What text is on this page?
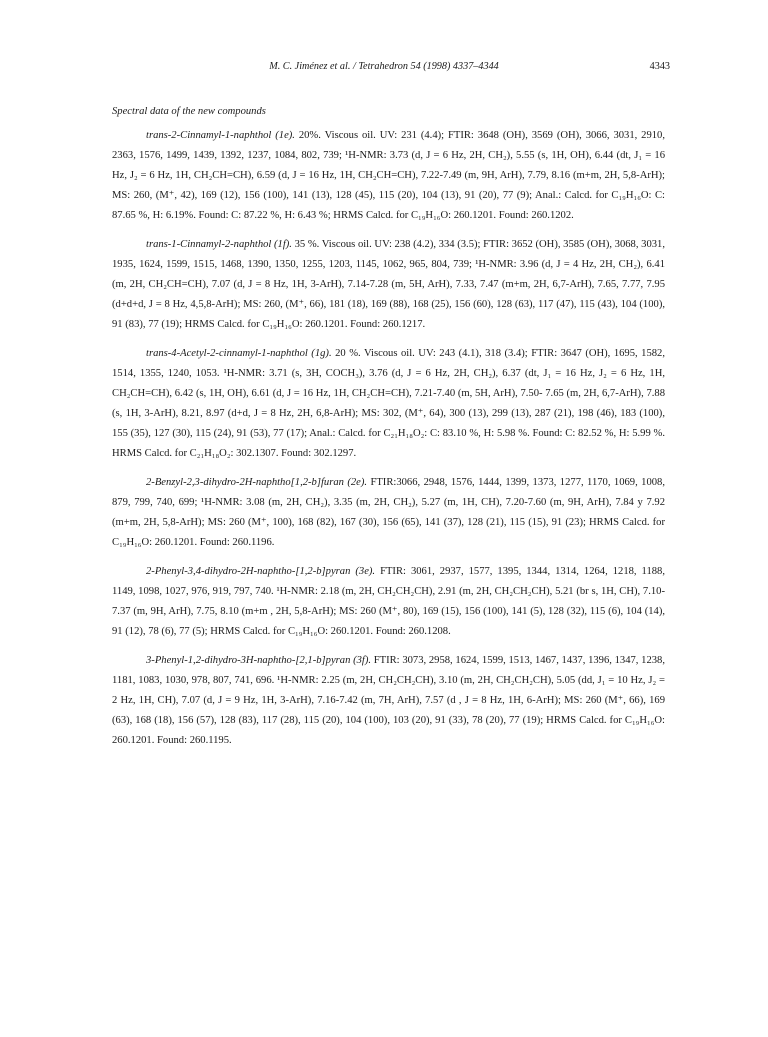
M. C. Jiménez et al. / Tetrahedron 54 (1998) 4337–4344	4343

Spectral data of the new compounds

trans-2-Cinnamyl-1-naphthol (1e). 20%. Viscous oil. UV: 231 (4.4); FTIR: 3648 (OH), 3569 (OH), 3066, 3031, 2910, 2363, 1576, 1499, 1439, 1392, 1237, 1084, 802, 739; ¹H-NMR: 3.73 (d, J = 6 Hz, 2H, CH₂), 5.55 (s, 1H, OH), 6.44 (dt, J₁ = 16 Hz, J₂ = 6 Hz, 1H, CH₂CH=CH), 6.59 (d, J = 16 Hz, 1H, CH₂CH=CH), 7.22-7.49 (m, 9H, ArH), 7.79, 8.16 (m+m, 2H, 5,8-ArH); MS: 260, (M⁺, 42), 169 (12), 156 (100), 141 (13), 128 (45), 115 (20), 104 (13), 91 (20), 77 (9); Anal.: Calcd. for C₁₉H₁₆O: C: 87.65 %, H: 6.19%. Found: C: 87.22 %, H: 6.43 %; HRMS Calcd. for C₁₉H₁₆O: 260.1201. Found: 260.1202.

trans-1-Cinnamyl-2-naphthol (1f). 35 %. Viscous oil. UV: 238 (4.2), 334 (3.5); FTIR: 3652 (OH), 3585 (OH), 3068, 3031, 1935, 1624, 1599, 1515, 1468, 1390, 1350, 1255, 1203, 1145, 1062, 965, 804, 739; ¹H-NMR: 3.96 (d, J = 4 Hz, 2H, CH₂), 6.41 (m, 2H, CH₂CH=CH), 7.07 (d, J = 8 Hz, 1H, 3-ArH), 7.14-7.28 (m, 5H, ArH), 7.33, 7.47 (m+m, 2H, 6,7-ArH), 7.65, 7.77, 7.95 (d+d+d, J = 8 Hz, 4,5,8-ArH); MS: 260, (M⁺, 66), 181 (18), 169 (88), 168 (25), 156 (60), 128 (63), 117 (47), 115 (43), 104 (100), 91 (83), 77 (19); HRMS Calcd. for C₁₉H₁₆O: 260.1201. Found: 260.1217.

trans-4-Acetyl-2-cinnamyl-1-naphthol (1g). 20 %. Viscous oil. UV: 243 (4.1), 318 (3.4); FTIR: 3647 (OH), 1695, 1582, 1514, 1355, 1240, 1053. ¹H-NMR: 3.71 (s, 3H, COCH₃), 3.76 (d, J = 6 Hz, 2H, CH₂), 6.37 (dt, J₁ = 16 Hz, J₂ = 6 Hz, 1H, CH₂CH=CH), 6.42 (s, 1H, OH), 6.61 (d, J = 16 Hz, 1H, CH₂CH=CH), 7.21-7.40 (m, 5H, ArH), 7.50- 7.65 (m, 2H, 6,7-ArH), 7.88 (s, 1H, 3-ArH), 8.21, 8.97 (d+d, J = 8 Hz, 2H, 6,8-ArH); MS: 302, (M⁺, 64), 300 (13), 299 (13), 287 (21), 198 (46), 183 (100), 155 (35), 127 (30), 115 (24), 91 (53), 77 (17); Anal.: Calcd. for C₂₁H₁₈O₂: C: 83.10 %, H: 5.98 %. Found: C: 82.52 %, H: 5.99 %. HRMS Calcd. for C₂₁H₁₈O₂: 302.1307. Found: 302.1297.

2-Benzyl-2,3-dihydro-2H-naphtho[1,2-b]furan (2e). FTIR:3066, 2948, 1576, 1444, 1399, 1373, 1277, 1170, 1069, 1008, 879, 799, 740, 699; ¹H-NMR: 3.08 (m, 2H, CH₂), 3.35 (m, 2H, CH₂), 5.27 (m, 1H, CH), 7.20-7.60 (m, 9H, ArH), 7.84 y 7.92 (m+m, 2H, 5,8-ArH); MS: 260 (M⁺, 100), 168 (82), 167 (30), 156 (65), 141 (37), 128 (21), 115 (15), 91 (23); HRMS Calcd. for C₁₉H₁₆O: 260.1201. Found: 260.1196.

2-Phenyl-3,4-dihydro-2H-naphtho-[1,2-b]pyran (3e). FTIR: 3061, 2937, 1577, 1395, 1344, 1314, 1264, 1218, 1188, 1149, 1098, 1027, 976, 919, 797, 740. ¹H-NMR: 2.18 (m, 2H, CH₂CH₂CH), 2.91 (m, 2H, CH₂CH₂CH), 5.21 (br s, 1H, CH), 7.10-7.37 (m, 9H, ArH), 7.75, 8.10 (m+m , 2H, 5,8-ArH); MS: 260 (M⁺, 80), 169 (15), 156 (100), 141 (5), 128 (32), 115 (6), 104 (14), 91 (12), 78 (6), 77 (5); HRMS Calcd. for C₁₉H₁₆O: 260.1201. Found: 260.1208.

3-Phenyl-1,2-dihydro-3H-naphtho-[2,1-b]pyran (3f). FTIR: 3073, 2958, 1624, 1599, 1513, 1467, 1437, 1396, 1347, 1238, 1181, 1083, 1030, 978, 807, 741, 696. ¹H-NMR: 2.25 (m, 2H, CH₂CH₂CH), 3.10 (m, 2H, CH₂CH₂CH), 5.05 (dd, J₁ = 10 Hz, J₂ = 2 Hz, 1H, CH), 7.07 (d, J = 9 Hz, 1H, 3-ArH), 7.16-7.42 (m, 7H, ArH), 7.57 (d , J = 8 Hz, 1H, 6-ArH); MS: 260 (M⁺, 66), 169 (63), 168 (18), 156 (57), 128 (83), 117 (28), 115 (20), 104 (100), 103 (20), 91 (33), 78 (20), 77 (19); HRMS Calcd. for C₁₉H₁₆O: 260.1201. Found: 260.1195.
